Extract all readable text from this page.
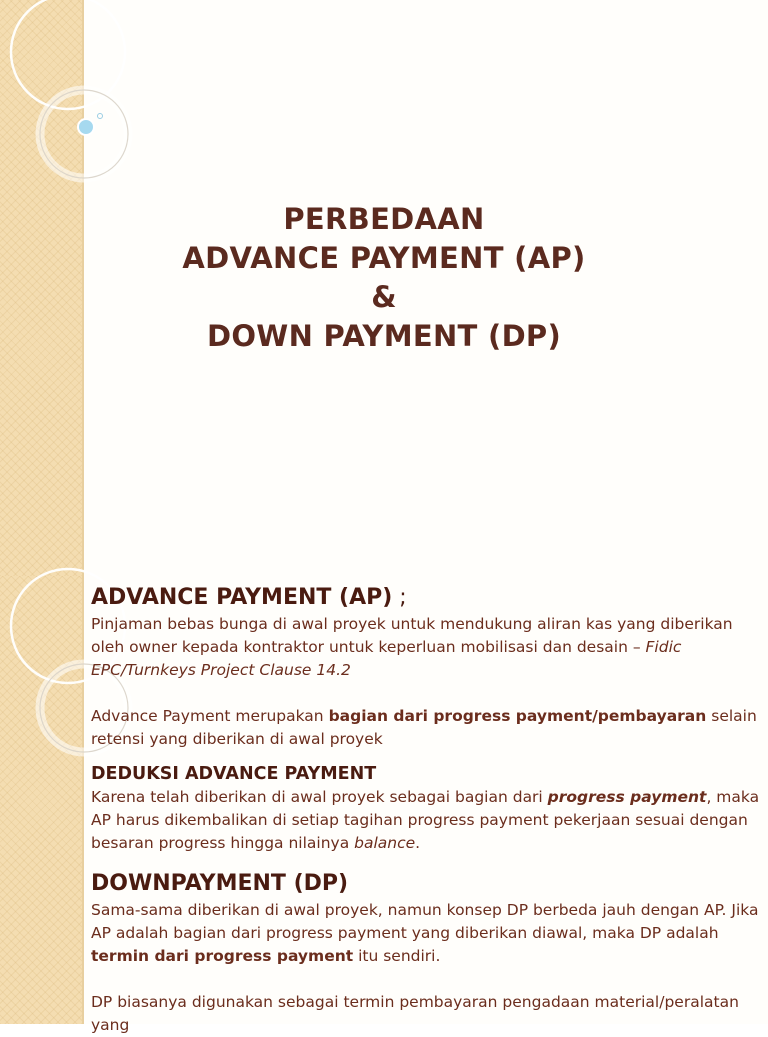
PERBEDAAN
ADVANCE PAYMENT (AP)
&
DOWN PAYMENT (DP)
ADVANCE PAYMENT (AP) ;

Pinjaman bebas bunga di awal proyek untuk mendukung aliran kas yang diberikan oleh owner kepada kontraktor untuk keperluan mobilisasi dan desain – Fidic EPC/Turnkeys Project Clause 14.2

Advance Payment merupakan bagian dari progress payment/pembayaran selain retensi yang diberikan di awal proyek

DEDUKSI ADVANCE PAYMENT

Karena telah diberikan di awal proyek sebagai bagian dari progress payment, maka AP harus dikembalikan di setiap tagihan progress payment pekerjaan sesuai dengan besaran progress hingga nilainya balance.

DOWNPAYMENT (DP)

Sama-sama diberikan di awal proyek, namun konsep DP berbeda jauh dengan AP. Jika AP adalah bagian dari progress payment yang diberikan diawal, maka DP adalah termin dari progress payment itu sendiri.

DP biasanya digunakan sebagai termin pembayaran pengadaan material/peralatan yang
